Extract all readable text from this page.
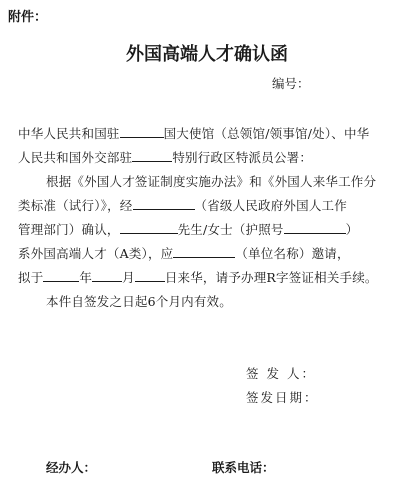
附件：
外国高端人才确认函
编号：
中华人民共和国驻	国大使馆（总领馆/领事馆/处）、中华
人民共和国外交部驻	特别行政区特派员公署：
根据《外国人才签证制度实施办法》和《外国人来华工作分
类标准（试行）》，经	（省级人民政府外国人工作
管理部门）确认，	先生/女士（护照号	）
系外国高端人才（A类），应	（单位名称）邀请，
拟于	年 月 日来华，请予办理R字签证相关手续。
本件自签发之日起6个月内有效。
签 发 人：
签发日期：
经办人：	联系电话：
